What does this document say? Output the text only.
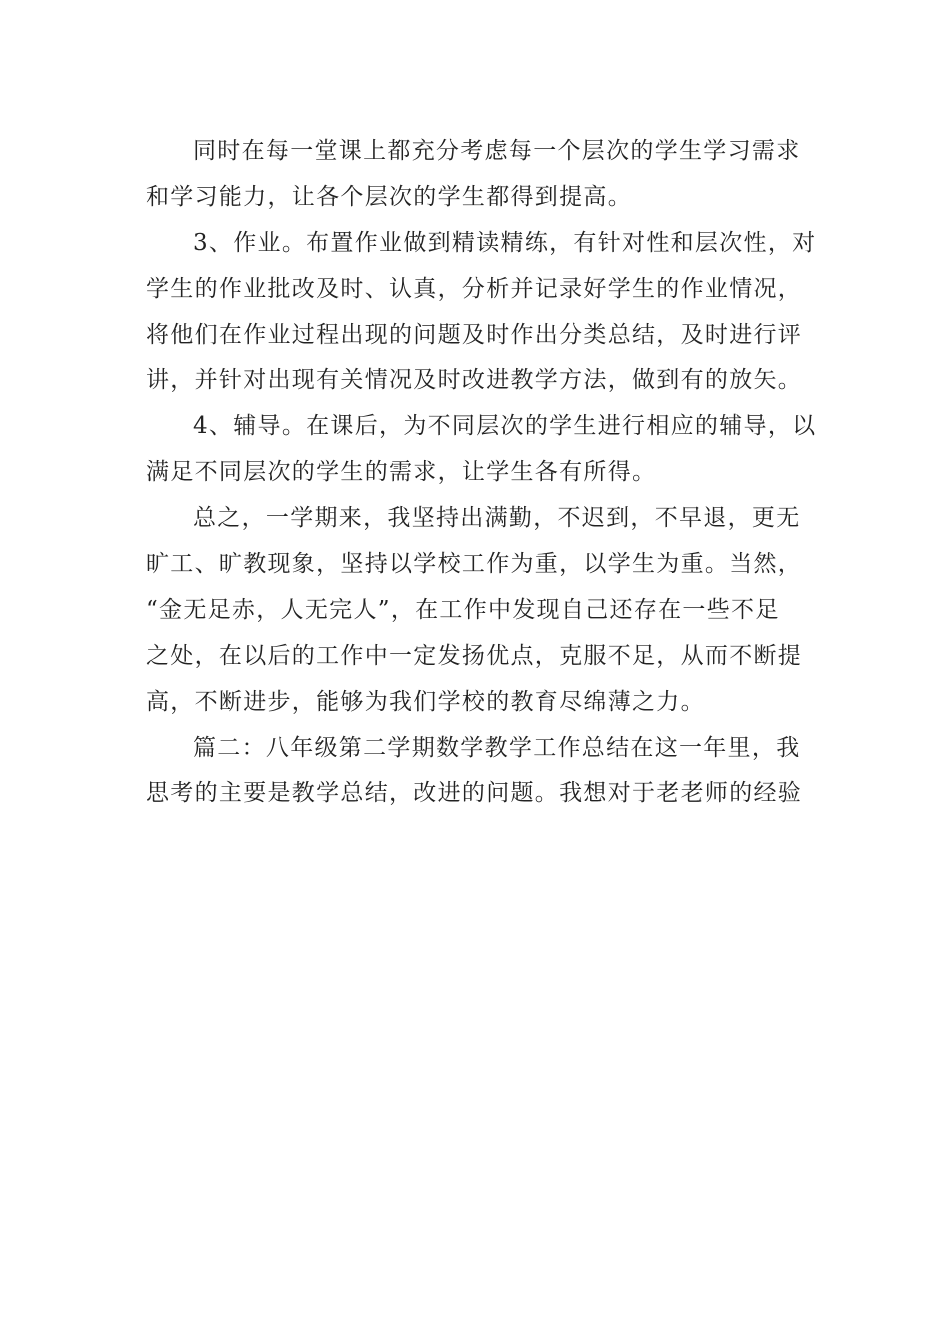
同时在每一堂课上都充分考虑每一个层次的学生学习需求
和学习能力，让各个层次的学生都得到提高。
3、作业。布置作业做到精读精练，有针对性和层次性，对
学生的作业批改及时、认真，分析并记录好学生的作业情况，
将他们在作业过程出现的问题及时作出分类总结，及时进行评
讲，并针对出现有关情况及时改进教学方法，做到有的放矢。
4、辅导。在课后，为不同层次的学生进行相应的辅导，以
满足不同层次的学生的需求，让学生各有所得。
总之，一学期来，我坚持出满勤，不迟到，不早退，更无
旷工、旷教现象，坚持以学校工作为重，以学生为重。当然，
“金无足赤，人无完人”，在工作中发现自己还存在一些不足
之处，在以后的工作中一定发扬优点，克服不足，从而不断提
高，不断进步，能够为我们学校的教育尽绵薄之力。
篇二：八年级第二学期数学教学工作总结在这一年里，我
思考的主要是教学总结，改进的问题。我想对于老老师的经验
